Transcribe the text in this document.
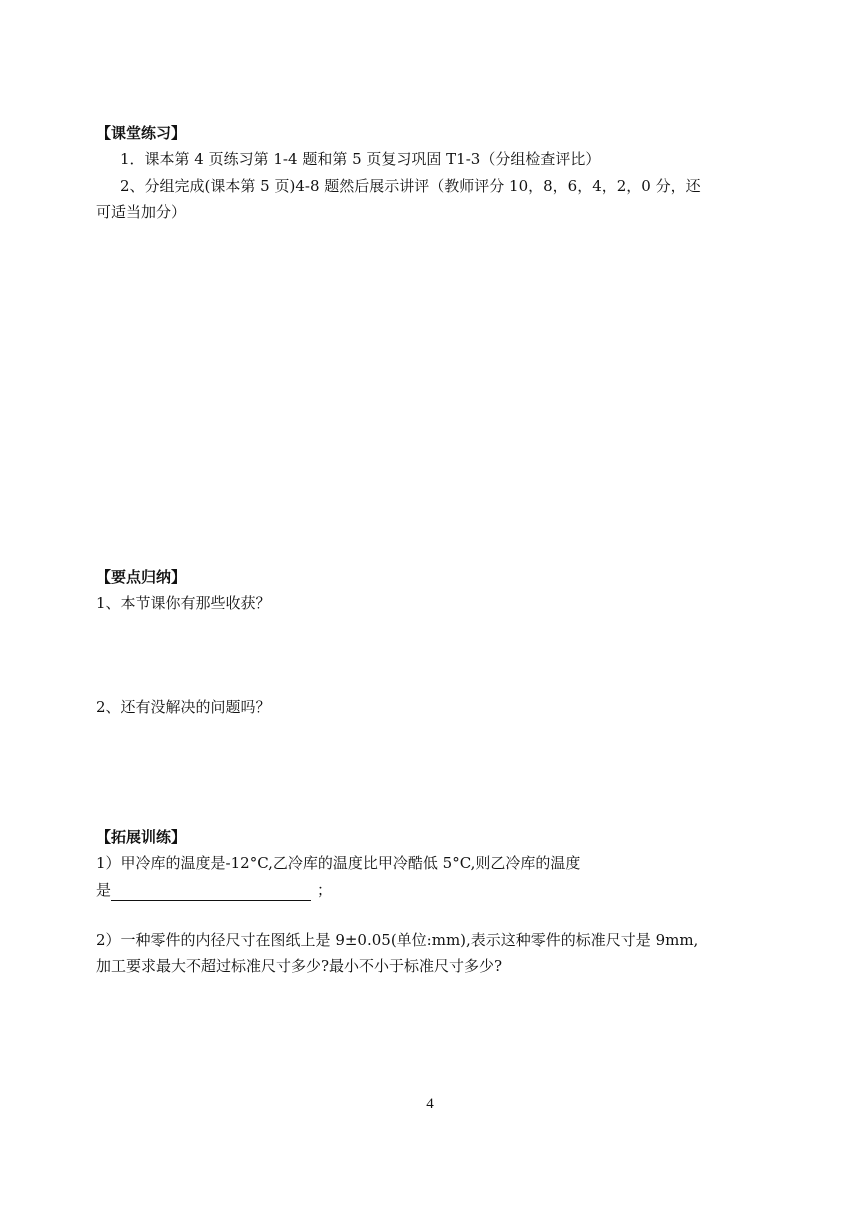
【课堂练习】
1．课本第 4 页练习第 1-4 题和第 5 页复习巩固 T1-3（分组检查评比）
2、分组完成(课本第 5 页)4-8 题然后展示讲评（教师评分 10，8，6，4，2，0 分，还
可适当加分）
【要点归纳】
1、本节课你有那些收获？
2、还有没解决的问题吗？
【拓展训练】
1）甲冷库的温度是-12°C,乙冷库的温度比甲冷酷低 5°C,则乙冷库的温度
是	；
2）一种零件的内径尺寸在图纸上是 9±0.05(单位:mm),表示这种零件的标准尺寸是 9mm,
加工要求最大不超过标准尺寸多少?最小不小于标准尺寸多少?
4
